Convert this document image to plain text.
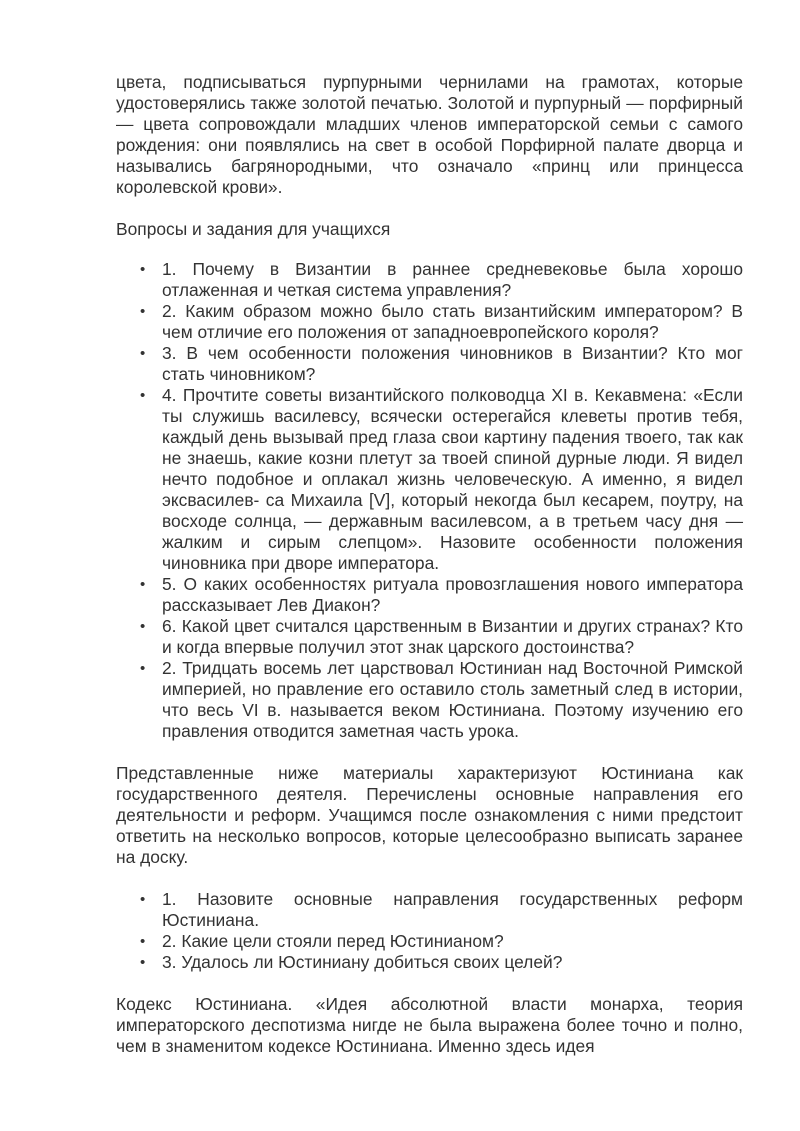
цвета, подписываться пурпурными чернилами на грамотах, которые удостоверялись также золотой печатью. Золотой и пурпурный — порфирный — цвета сопровождали младших членов императорской семьи с самого рождения: они появлялись на свет в особой Порфирной палате дворца и назывались багрянородными, что означало «принц или принцесса королевской крови».

Вопросы и задания для учащихся

• 1. Почему в Византии в раннее средневековье была хорошо отлаженная и четкая система управления?
• 2. Каким образом можно было стать византийским императором? В чем отличие его положения от западноевропейского короля?
• 3. В чем особенности положения чиновников в Византии? Кто мог стать чиновником?
• 4. Прочтите советы византийского полководца XI в. Кекавмена: «Если ты служишь василевсу, всячески остерегайся клеветы против тебя, каждый день вызывай пред глаза свои картину падения твоего, так как не знаешь, какие козни плетут за твоей спиной дурные люди. Я видел нечто подобное и оплакал жизнь человеческую. А именно, я видел эксвасилев- са Михаила [V], который некогда был кесарем, поутру, на восходе солнца, — державным василевсом, а в третьем часу дня — жалким и сирым слепцом». Назовите особенности положения чиновника при дворе императора.
• 5. О каких особенностях ритуала провозглашения нового императора рассказывает Лев Диакон?
• 6. Какой цвет считался царственным в Византии и других странах? Кто и когда впервые получил этот знак царского достоинства?
• 2. Тридцать восемь лет царствовал Юстиниан над Восточной Римской империей, но правление его оставило столь заметный след в истории, что весь VI в. называется веком Юстиниана. Поэтому изучению его правления отводится заметная часть урока.

Представленные ниже материалы характеризуют Юстиниана как государственного деятеля. Перечислены основные направления его деятельности и реформ. Учащимся после ознакомления с ними предстоит ответить на несколько вопросов, которые целесообразно выписать заранее на доску.

• 1. Назовите основные направления государственных реформ Юстиниана.
• 2. Какие цели стояли перед Юстинианом?
• 3. Удалось ли Юстиниану добиться своих целей?

Кодекс Юстиниана. «Идея абсолютной власти монарха, теория императорского деспотизма нигде не была выражена более точно и полно, чем в знаменитом кодексе Юстиниана. Именно здесь идея
